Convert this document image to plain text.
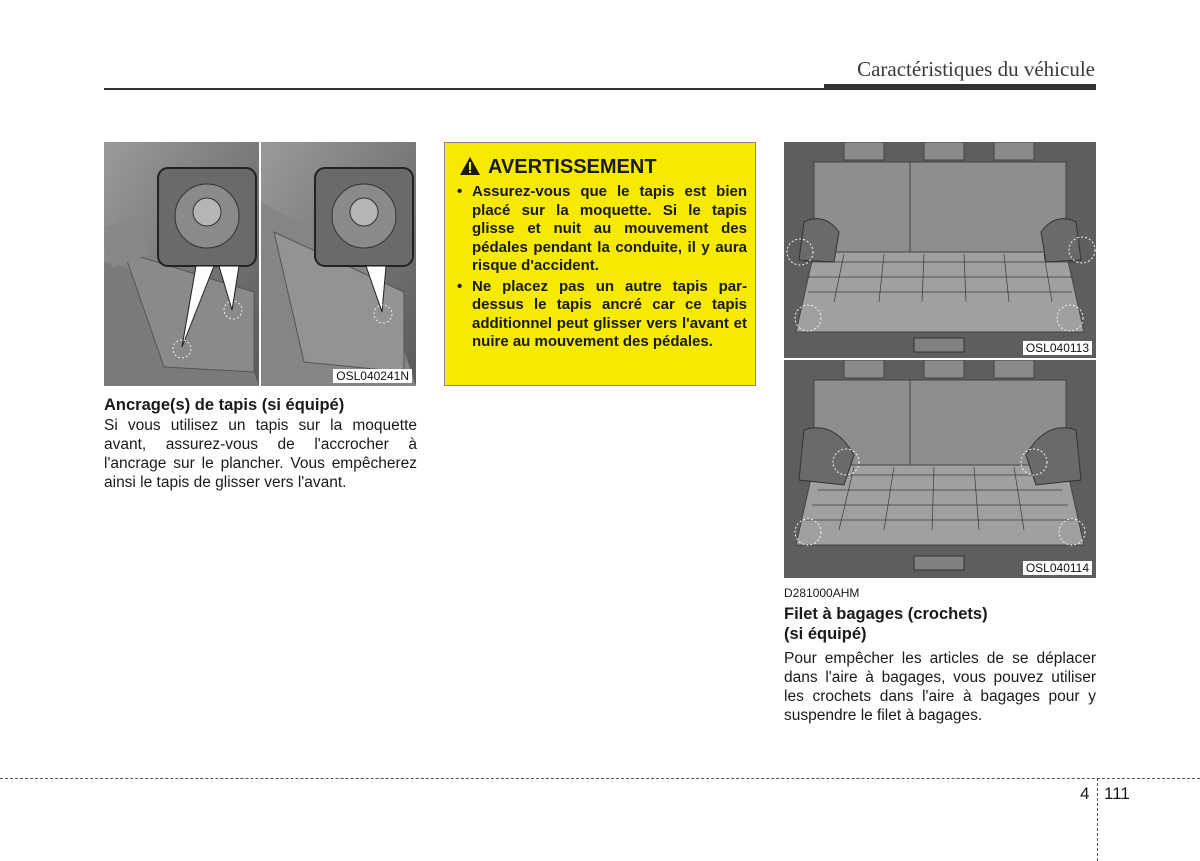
Caractéristiques du véhicule
OSL040241N
Ancrage(s) de tapis (si équipé)
Si vous utilisez un tapis sur la moquette avant, assurez-vous de l'accrocher à l'ancrage sur le plancher. Vous empêcherez ainsi le tapis de glisser vers l'avant.
AVERTISSEMENT
• Assurez-vous que le tapis est bien placé sur la moquette. Si le tapis glisse et nuit au mouvement des pédales pendant la conduite, il y aura risque d'accident.
• Ne placez pas un autre tapis par-dessus le tapis ancré car ce tapis additionnel peut glisser vers l'avant et nuire au mouvement des pédales.	OSL040113
OSL040114
D281000AHM
Filet à bagages (crochets)
(si équipé)
Pour empêcher les articles de se déplacer dans l'aire à bagages, vous pouvez utiliser les crochets dans l'aire à bagages pour y suspendre le filet à bagages.
4 111
